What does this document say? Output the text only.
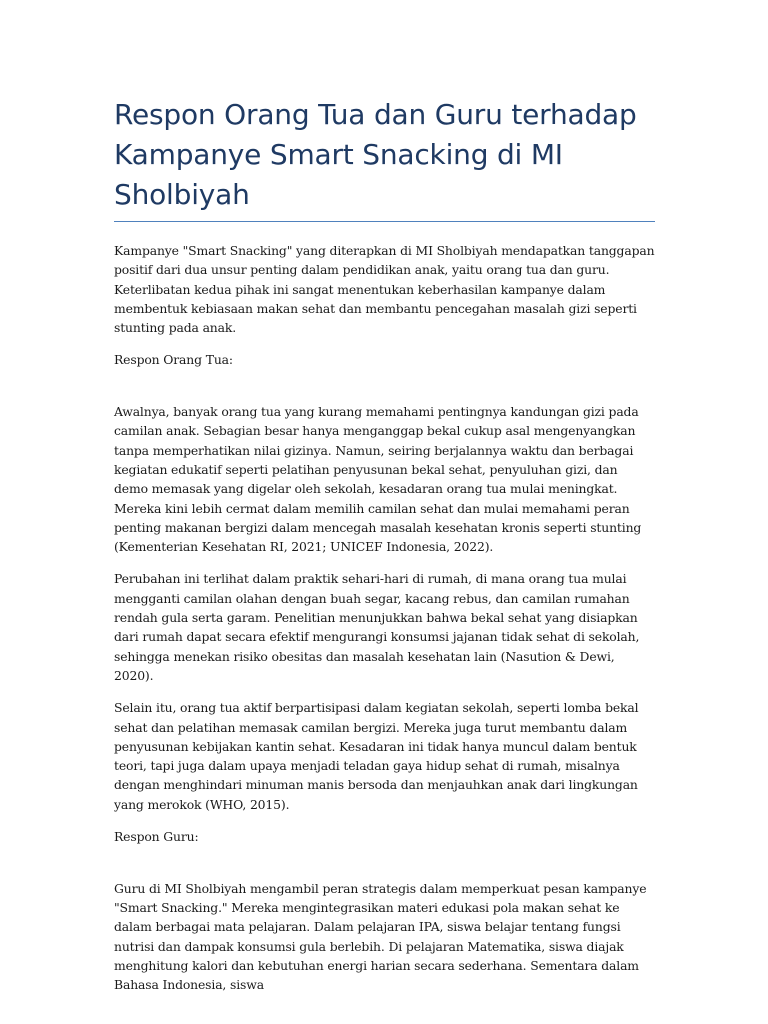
Respon Orang Tua dan Guru terhadap Kampanye Smart Snacking di MI Sholbiyah

Kampanye "Smart Snacking" yang diterapkan di MI Sholbiyah mendapatkan tanggapan positif dari dua unsur penting dalam pendidikan anak, yaitu orang tua dan guru. Keterlibatan kedua pihak ini sangat menentukan keberhasilan kampanye dalam membentuk kebiasaan makan sehat dan membantu pencegahan masalah gizi seperti stunting pada anak.

Respon Orang Tua:

Awalnya, banyak orang tua yang kurang memahami pentingnya kandungan gizi pada camilan anak. Sebagian besar hanya menganggap bekal cukup asal mengenyangkan tanpa memperhatikan nilai gizinya. Namun, seiring berjalannya waktu dan berbagai kegiatan edukatif seperti pelatihan penyusunan bekal sehat, penyuluhan gizi, dan demo memasak yang digelar oleh sekolah, kesadaran orang tua mulai meningkat. Mereka kini lebih cermat dalam memilih camilan sehat dan mulai memahami peran penting makanan bergizi dalam mencegah masalah kesehatan kronis seperti stunting (Kementerian Kesehatan RI, 2021; UNICEF Indonesia, 2022).

Perubahan ini terlihat dalam praktik sehari-hari di rumah, di mana orang tua mulai mengganti camilan olahan dengan buah segar, kacang rebus, dan camilan rumahan rendah gula serta garam. Penelitian menunjukkan bahwa bekal sehat yang disiapkan dari rumah dapat secara efektif mengurangi konsumsi jajanan tidak sehat di sekolah, sehingga menekan risiko obesitas dan masalah kesehatan lain (Nasution & Dewi, 2020).

Selain itu, orang tua aktif berpartisipasi dalam kegiatan sekolah, seperti lomba bekal sehat dan pelatihan memasak camilan bergizi. Mereka juga turut membantu dalam penyusunan kebijakan kantin sehat. Kesadaran ini tidak hanya muncul dalam bentuk teori, tapi juga dalam upaya menjadi teladan gaya hidup sehat di rumah, misalnya dengan menghindari minuman manis bersoda dan menjauhkan anak dari lingkungan yang merokok (WHO, 2015).

Respon Guru:

Guru di MI Sholbiyah mengambil peran strategis dalam memperkuat pesan kampanye "Smart Snacking." Mereka mengintegrasikan materi edukasi pola makan sehat ke dalam berbagai mata pelajaran. Dalam pelajaran IPA, siswa belajar tentang fungsi nutrisi dan dampak konsumsi gula berlebih. Di pelajaran Matematika, siswa diajak menghitung kalori dan kebutuhan energi harian secara sederhana. Sementara dalam Bahasa Indonesia, siswa
